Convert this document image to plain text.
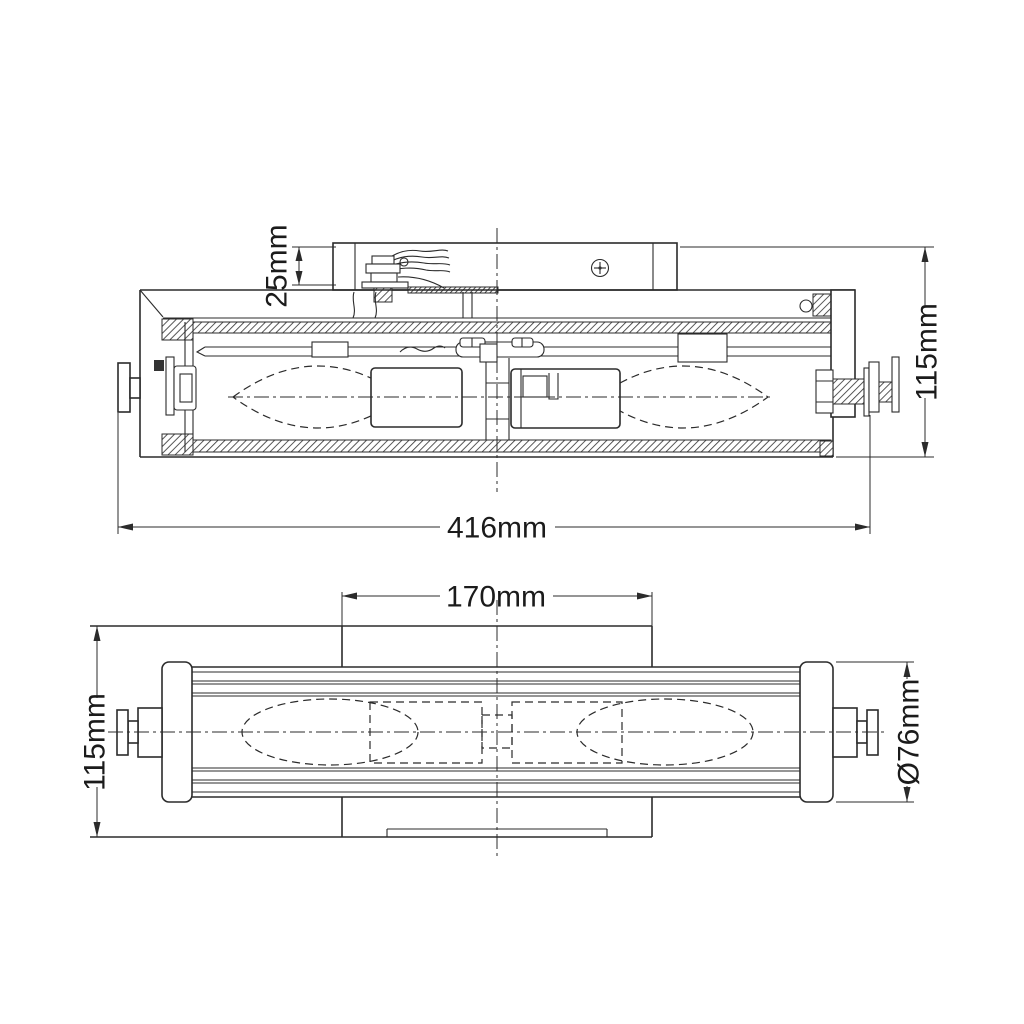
25mm
115mm
416mm
170mm
115mm	Ø76mm
